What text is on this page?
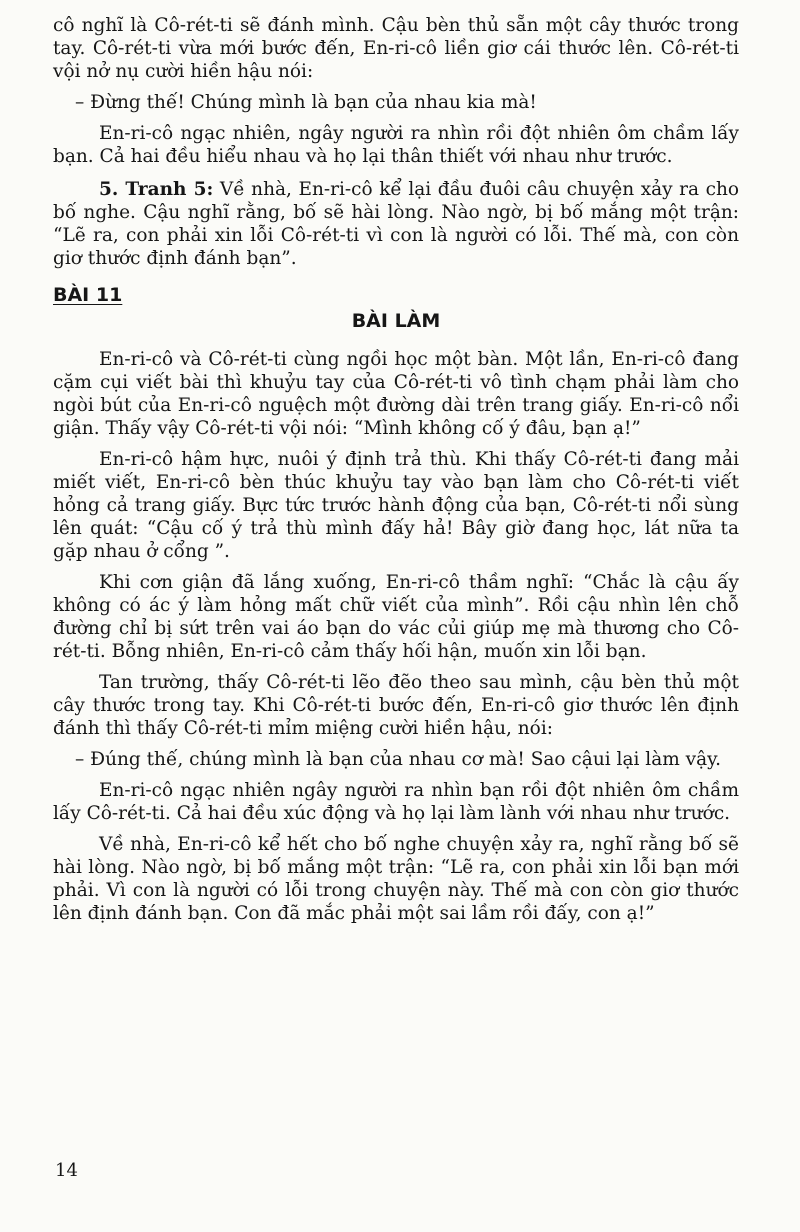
cô nghĩ là Cô-rét-ti sẽ đánh mình. Cậu bèn thủ sẵn một cây thước trong tay. Cô-rét-ti vừa mới bước đến, En-ri-cô liền giơ cái thước lên. Cô-rét-ti vội nở nụ cười hiền hậu nói:

– Đừng thế! Chúng mình là bạn của nhau kia mà!

En-ri-cô ngạc nhiên, ngây người ra nhìn rồi đột nhiên ôm chầm lấy bạn. Cả hai đều hiểu nhau và họ lại thân thiết với nhau như trước.

5. Tranh 5: Về nhà, En-ri-cô kể lại đầu đuôi câu chuyện xảy ra cho bố nghe. Cậu nghĩ rằng, bố sẽ hài lòng. Nào ngờ, bị bố mắng một trận: “Lẽ ra, con phải xin lỗi Cô-rét-ti vì con là người có lỗi. Thế mà, con còn giơ thước định đánh bạn”.

BÀI 11
BÀI LÀM

En-ri-cô và Cô-rét-ti cùng ngồi học một bàn. Một lần, En-ri-cô đang cặm cụi viết bài thì khuỷu tay của Cô-rét-ti vô tình chạm phải làm cho ngòi bút của En-ri-cô nguệch một đường dài trên trang giấy. En-ri-cô nổi giận. Thấy vậy Cô-rét-ti vội nói: “Mình không cố ý đâu, bạn ạ!”

En-ri-cô hậm hực, nuôi ý định trả thù. Khi thấy Cô-rét-ti đang mải miết viết, En-ri-cô bèn thúc khuỷu tay vào bạn làm cho Cô-rét-ti viết hỏng cả trang giấy. Bực tức trước hành động của bạn, Cô-rét-ti nổi sùng lên quát: “Cậu cố ý trả thù mình đấy hả! Bây giờ đang học, lát nữa ta gặp nhau ở cổng ”.

Khi cơn giận đã lắng xuống, En-ri-cô thầm nghĩ: “Chắc là cậu ấy không có ác ý làm hỏng mất chữ viết của mình”. Rồi cậu nhìn lên chỗ đường chỉ bị sứt trên vai áo bạn do vác củi giúp mẹ mà thương cho Cô-rét-ti. Bỗng nhiên, En-ri-cô cảm thấy hối hận, muốn xin lỗi bạn.

Tan trường, thấy Cô-rét-ti lẽo đẽo theo sau mình, cậu bèn thủ một cây thước trong tay. Khi Cô-rét-ti bước đến, En-ri-cô giơ thước lên định đánh thì thấy Cô-rét-ti mỉm miệng cười hiền hậu, nói:

– Đúng thế, chúng mình là bạn của nhau cơ mà! Sao cậui lại làm vậy.

En-ri-cô ngạc nhiên ngây người ra nhìn bạn rồi đột nhiên ôm chầm lấy Cô-rét-ti. Cả hai đều xúc động và họ lại làm lành với nhau như trước.

Về nhà, En-ri-cô kể hết cho bố nghe chuyện xảy ra, nghĩ rằng bố sẽ hài lòng. Nào ngờ, bị bố mắng một trận: “Lẽ ra, con phải xin lỗi bạn mới phải. Vì con là người có lỗi trong chuyện này. Thế mà con còn giơ thước lên định đánh bạn. Con đã mắc phải một sai lầm rồi đấy, con ạ!”

14
